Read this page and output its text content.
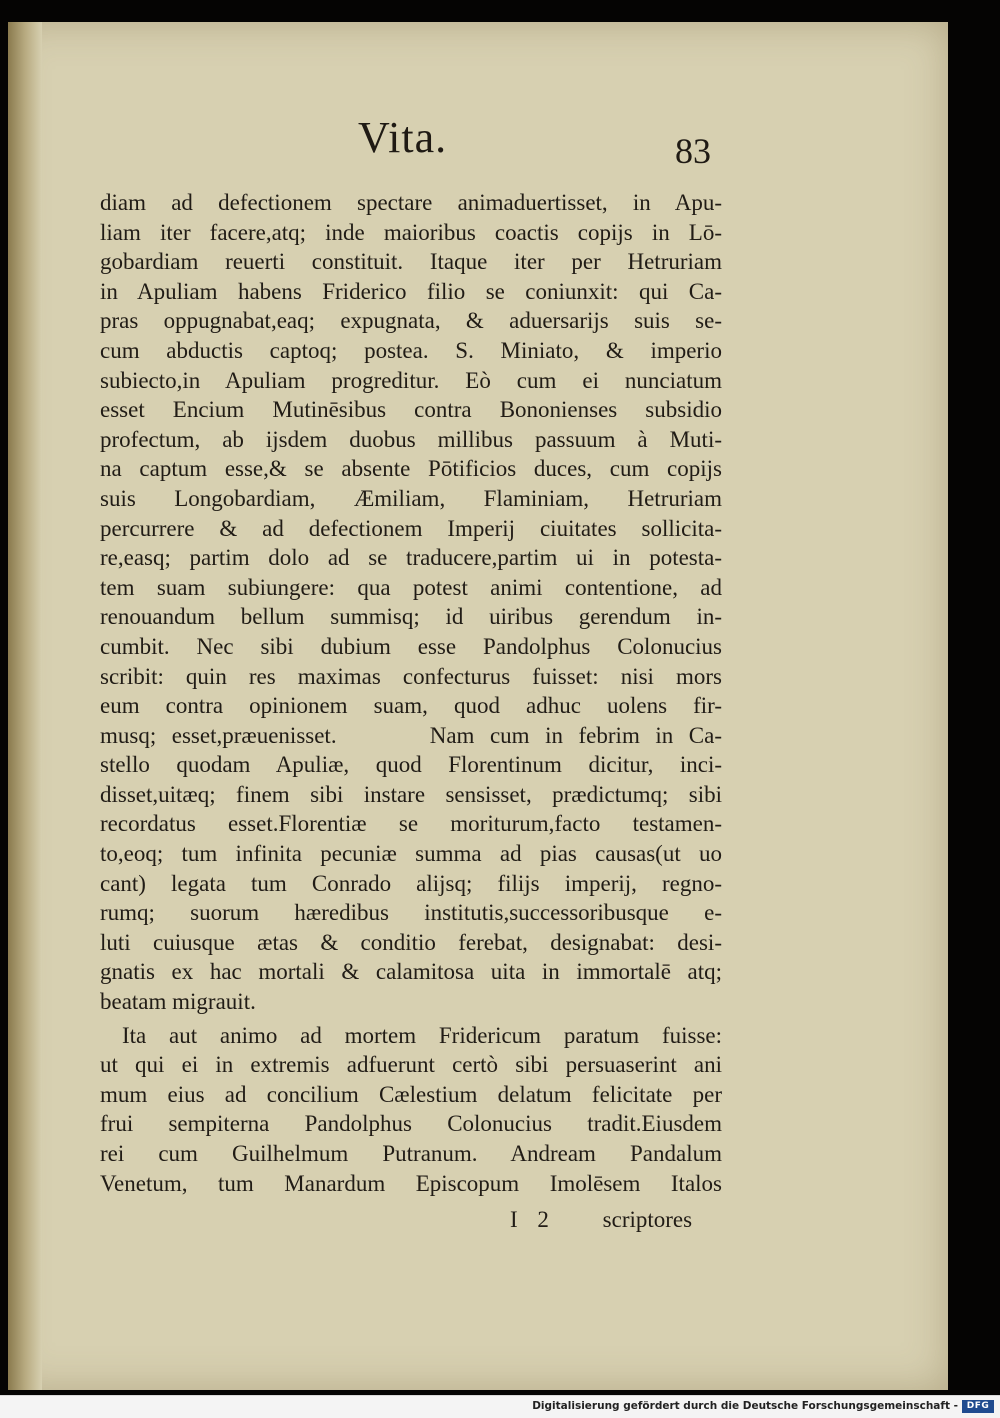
Vita.	83
diam ad defectionem spectare animaduertisset, in Apu-
liam iter facere,atq; inde maioribus coactis copijs in Lō-
gobardiam reuerti constituit. Itaque iter per Hetruriam
in Apuliam habens Friderico filio se coniunxit: qui Ca-
pras oppugnabat,eaq; expugnata, & aduersarijs suis se-
cum abductis captoq; postea. S. Miniato, & imperio
subiecto,in Apuliam progreditur. Eò cum ei nunciatum
esset Encium Mutinēsibus contra Bononienses subsidio
profectum, ab ijsdem duobus millibus passuum à Muti-
na captum esse,& se absente Pōtificios duces, cum copijs
suis Longobardiam, Æmiliam, Flaminiam, Hetruriam
percurrere & ad defectionem Imperij ciuitates sollicita-
re,easq; partim dolo ad se traducere,partim ui in potesta-
tem suam subiungere: qua potest animi contentione, ad
renouandum bellum summisq; id uiribus gerendum in-
cumbit. Nec sibi dubium esse Pandolphus Colonucius
scribit: quin res maximas confecturus fuisset: nisi mors
eum contra opinionem suam, quod adhuc uolens fir-
musq; esset,præuenisset.      Nam cum in febrim in Ca-
stello quodam Apuliæ, quod Florentinum dicitur, inci-
disset,uitæq; finem sibi instare sensisset, prædictumq; sibi
recordatus esset.Florentiæ se moriturum,facto testamen-
to,eoq; tum infinita pecuniæ summa ad pias causas(ut uo
cant) legata tum Conrado alijsq; filijs imperij, regno-
rumq; suorum hæredibus institutis,successoribusque e-
luti cuiusque ætas & conditio ferebat, designabat: desi-
gnatis ex hac mortali & calamitosa uita in immortalē atq;
beatam migrauit.
Ita aut animo ad mortem Fridericum paratum fuisse:
ut qui ei in extremis adfuerunt certò sibi persuaserint ani
mum eius ad concilium Cælestium delatum felicitate per
frui sempiterna Pandolphus Colonucius tradit.Eiusdem
rei cum Guilhelmum Putranum. Andream Pandalum
Venetum, tum Manardum Episcopum Imolēsem Italos
I 2 scriptores
Digitalisierung gefördert durch die Deutsche Forschungsgemeinschaft - DFG
